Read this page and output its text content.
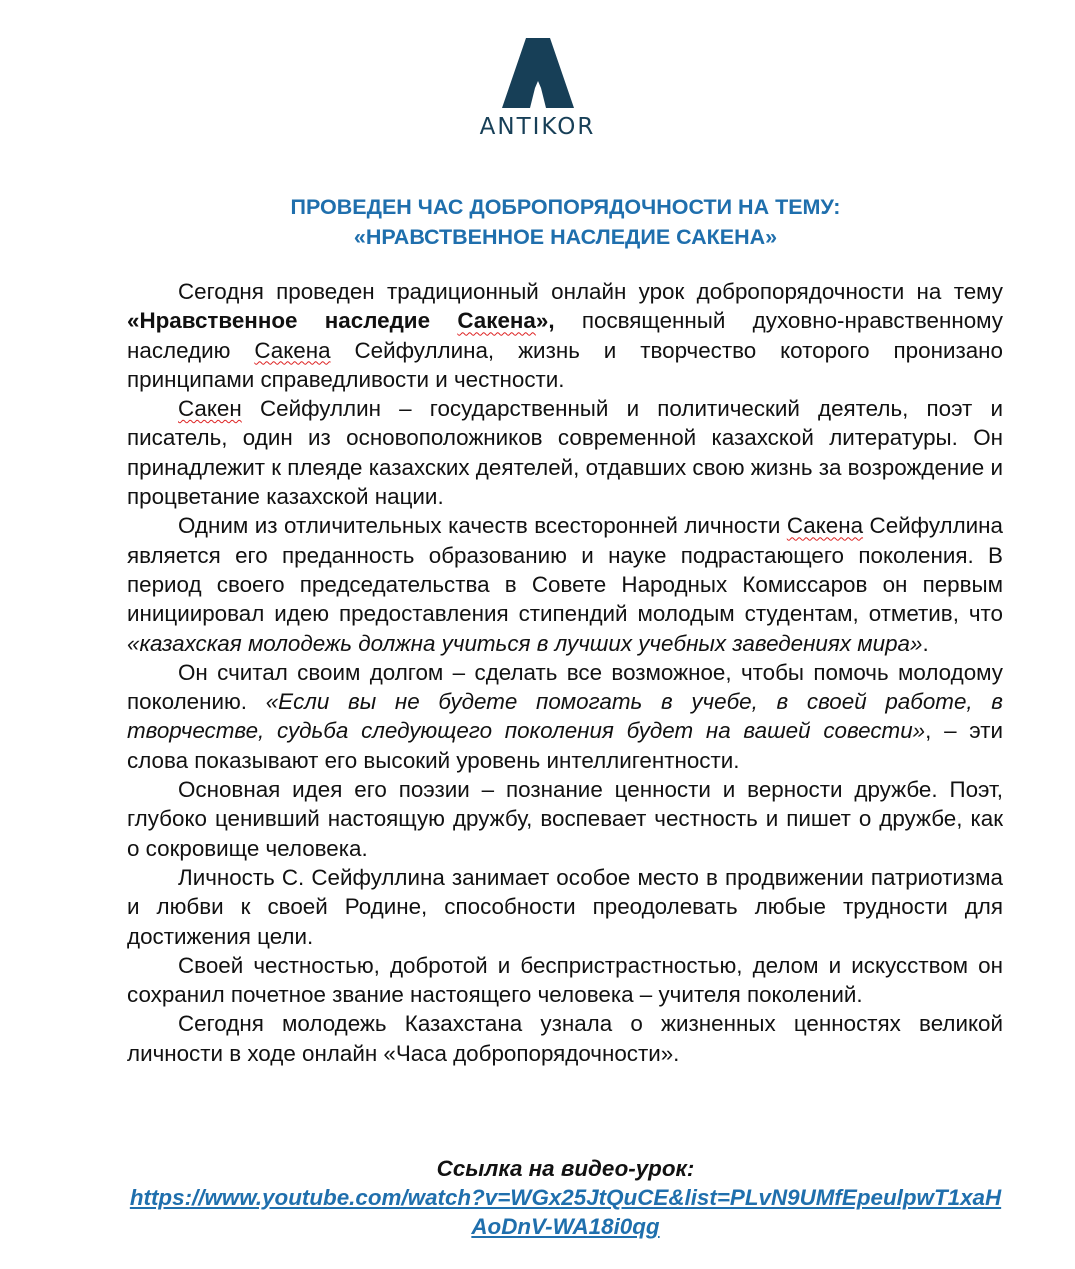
ANTIKOR
ПРОВЕДЕН ЧАС ДОБРОПОРЯДОЧНОСТИ НА ТЕМУ:
«НРАВСТВЕННОЕ НАСЛЕДИЕ САКЕНА»

Сегодня проведен традиционный онлайн урок добропорядочности на тему «Нравственное наследие Сакена», посвященный духовно-нравственному наследию Сакена Сейфуллина, жизнь и творчество которого пронизано принципами справедливости и честности.

Сакен Сейфуллин – государственный и политический деятель, поэт и писатель, один из основоположников современной казахской литературы. Он принадлежит к плеяде казахских деятелей, отдавших свою жизнь за возрождение и процветание казахской нации.

Одним из отличительных качеств всесторонней личности Сакена Сейфуллина является его преданность образованию и науке подрастающего поколения. В период своего председательства в Совете Народных Комиссаров он первым инициировал идею предоставления стипендий молодым студентам, отметив, что «казахская молодежь должна учиться в лучших учебных заведениях мира».

Он считал своим долгом – сделать все возможное, чтобы помочь молодому поколению. «Если вы не будете помогать в учебе, в своей работе, в творчестве, судьба следующего поколения будет на вашей совести», – эти слова показывают его высокий уровень интеллигентности.

Основная идея его поэзии – познание ценности и верности дружбе. Поэт, глубоко ценивший настоящую дружбу, воспевает честность и пишет о дружбе, как о сокровище человека.

Личность С. Сейфуллина занимает особое место в продвижении патриотизма и любви к своей Родине, способности преодолевать любые трудности для достижения цели.

Своей честностью, добротой и беспристрастностью, делом и искусством он сохранил почетное звание настоящего человека – учителя поколений.

Сегодня молодежь Казахстана узнала о жизненных ценностях великой личности в ходе онлайн «Часа добропорядочности».

Ссылка на видео-урок:
https://www.youtube.com/watch?v=WGx25JtQuCE&list=PLvN9UMfEpeulpwT1xaHAoDnV-WA18i0qg
